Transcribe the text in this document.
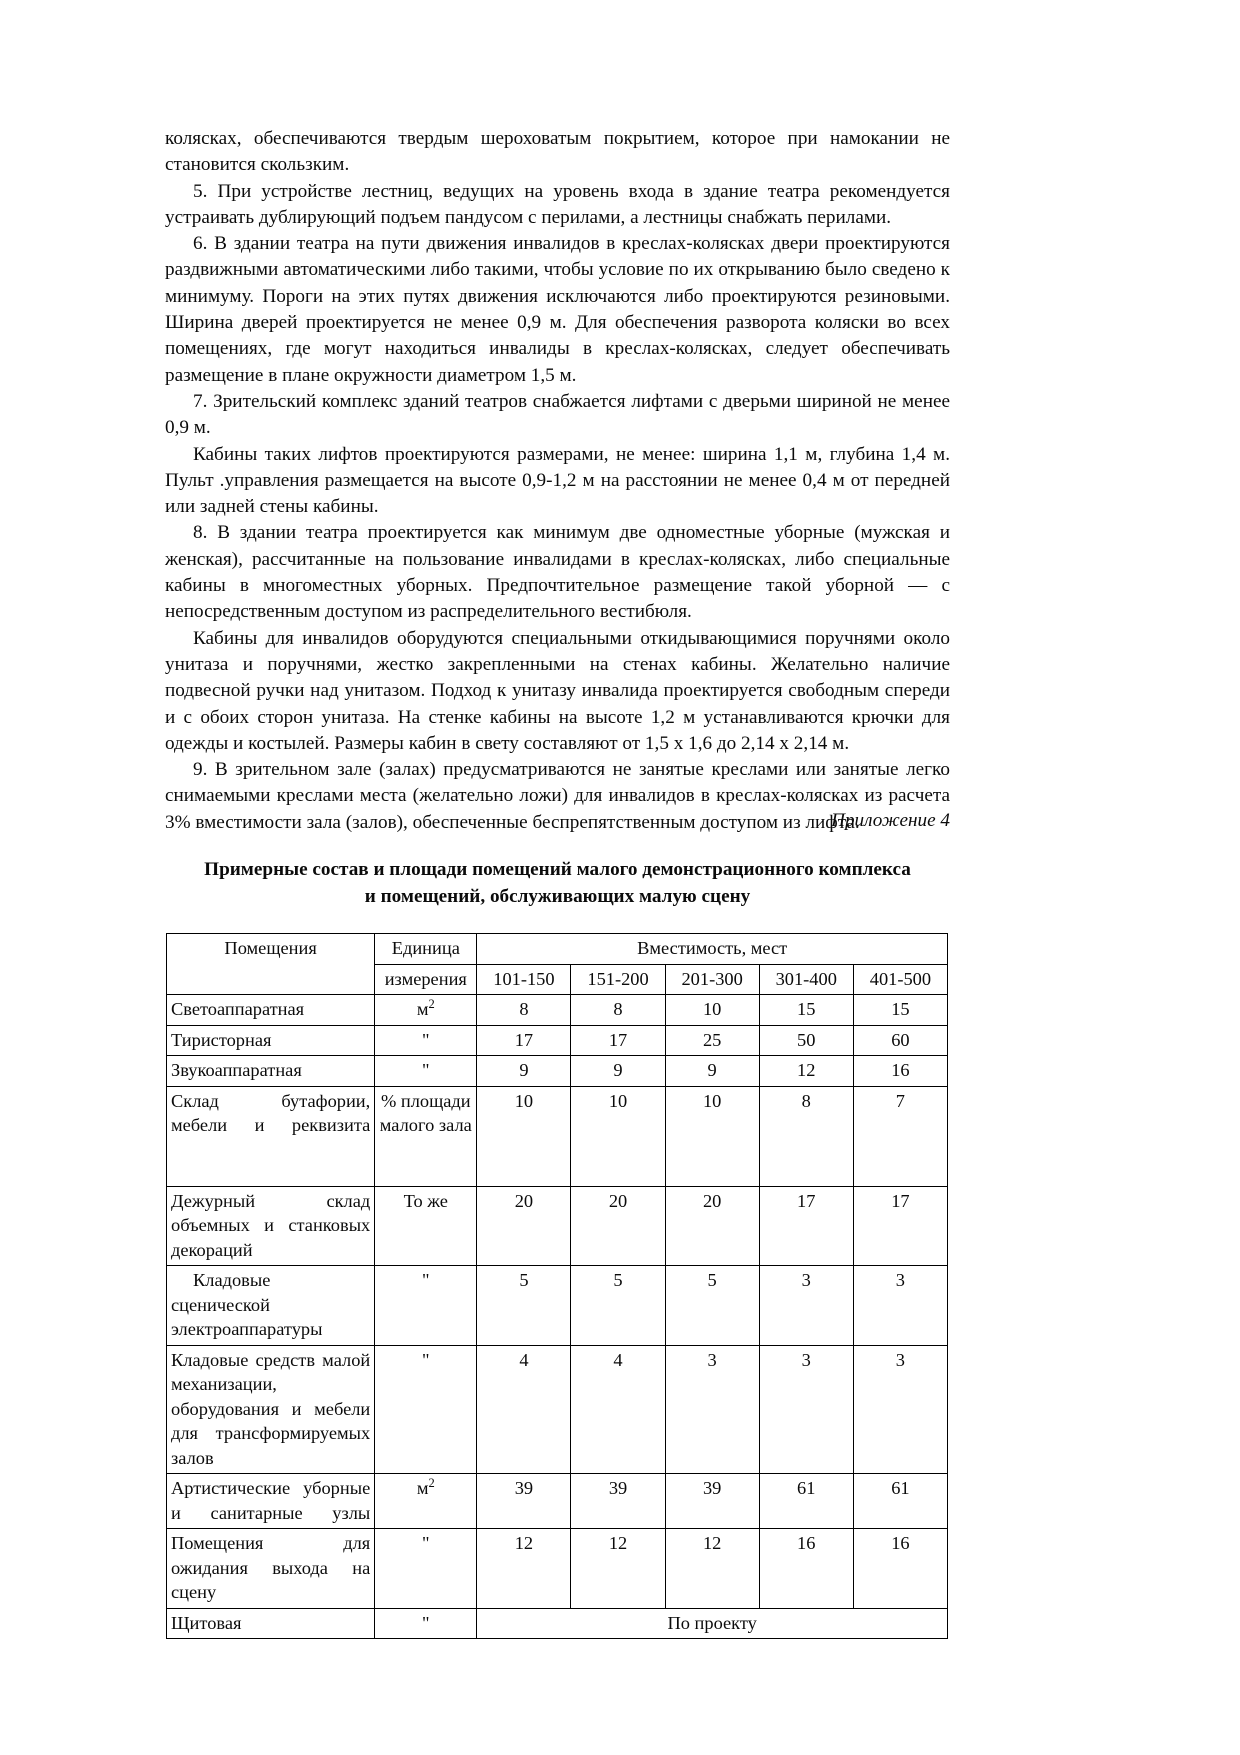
колясках, обеспечиваются твердым шероховатым покрытием, которое при намокании не становится скользким.

5. При устройстве лестниц, ведущих на уровень входа в здание театра рекомендуется устраивать дублирующий подъем пандусом с перилами, а лестницы снабжать перилами.

6. В здании театра на пути движения инвалидов в креслах-колясках двери проектируются раздвижными автоматическими либо такими, чтобы условие по их открыванию было сведено к минимуму. Пороги на этих путях движения исключаются либо проектируются резиновыми. Ширина дверей проектируется не менее 0,9 м. Для обеспечения разворота коляски во всех помещениях, где могут находиться инвалиды в креслах-колясках, следует обеспечивать размещение в плане окружности диаметром 1,5 м.

7. Зрительский комплекс зданий театров снабжается лифтами с дверьми шириной не менее 0,9 м.

Кабины таких лифтов проектируются размерами, не менее: ширина 1,1 м, глубина 1,4 м. Пульт .управления размещается на высоте 0,9-1,2 м на расстоянии не менее 0,4 м от передней или задней стены кабины.

8. В здании театра проектируется как минимум две одноместные уборные (мужская и женская), рассчитанные на пользование инвалидами в креслах-колясках, либо специальные кабины в многоместных уборных. Предпочтительное размещение такой уборной — с непосредственным доступом из распределительного вестибюля.

Кабины для инвалидов оборудуются специальными откидывающимися поручнями около унитаза и поручнями, жестко закрепленными на стенах кабины. Желательно наличие подвесной ручки над унитазом. Подход к унитазу инвалида проектируется свободным спереди и с обоих сторон унитаза. На стенке кабины на высоте 1,2 м устанавливаются крючки для одежды и костылей. Размеры кабин в свету составляют от 1,5 х 1,6 до 2,14 х 2,14 м.

9. В зрительном зале (залах) предусматриваются не занятые креслами или занятые легко снимаемыми креслами места (желательно ложи) для инвалидов в креслах-колясках из расчета 3% вместимости зала (залов), обеспеченные беспрепятственным доступом из лифта.

Приложение 4
Примерные состав и площади помещений малого демонстрационного комплекса и помещений, обслуживающих малую сцену
Помещения	Единица	Вместимость, мест				
	измерения	101-150	151-200	201-300	301-400	401-500
Светоаппаратная	$м^2$	8	8	10	15	15
Тиристорная	"	17	17	25	50	60
Звукоаппаратная	"	9	9	9	12	16
Склад бутафории, мебели и реквизита	% площади малого зала	10	10	10	8	7
Дежурный склад объемных и станковых декораций	То же	20	20	20	17	17
Кладовые сценической электроаппаратуры	"	5	5	5	3	3
Кладовые средств малой механизации, оборудования и мебели для трансформируемых залов	"	4	4	3	3	3
Артистические уборные и санитарные узлы	$м^2$	39	39	39	61	61
Помещения для ожидания выхода на сцену	"	12	12	12	16	16
Щитовая	"	По проекту				
